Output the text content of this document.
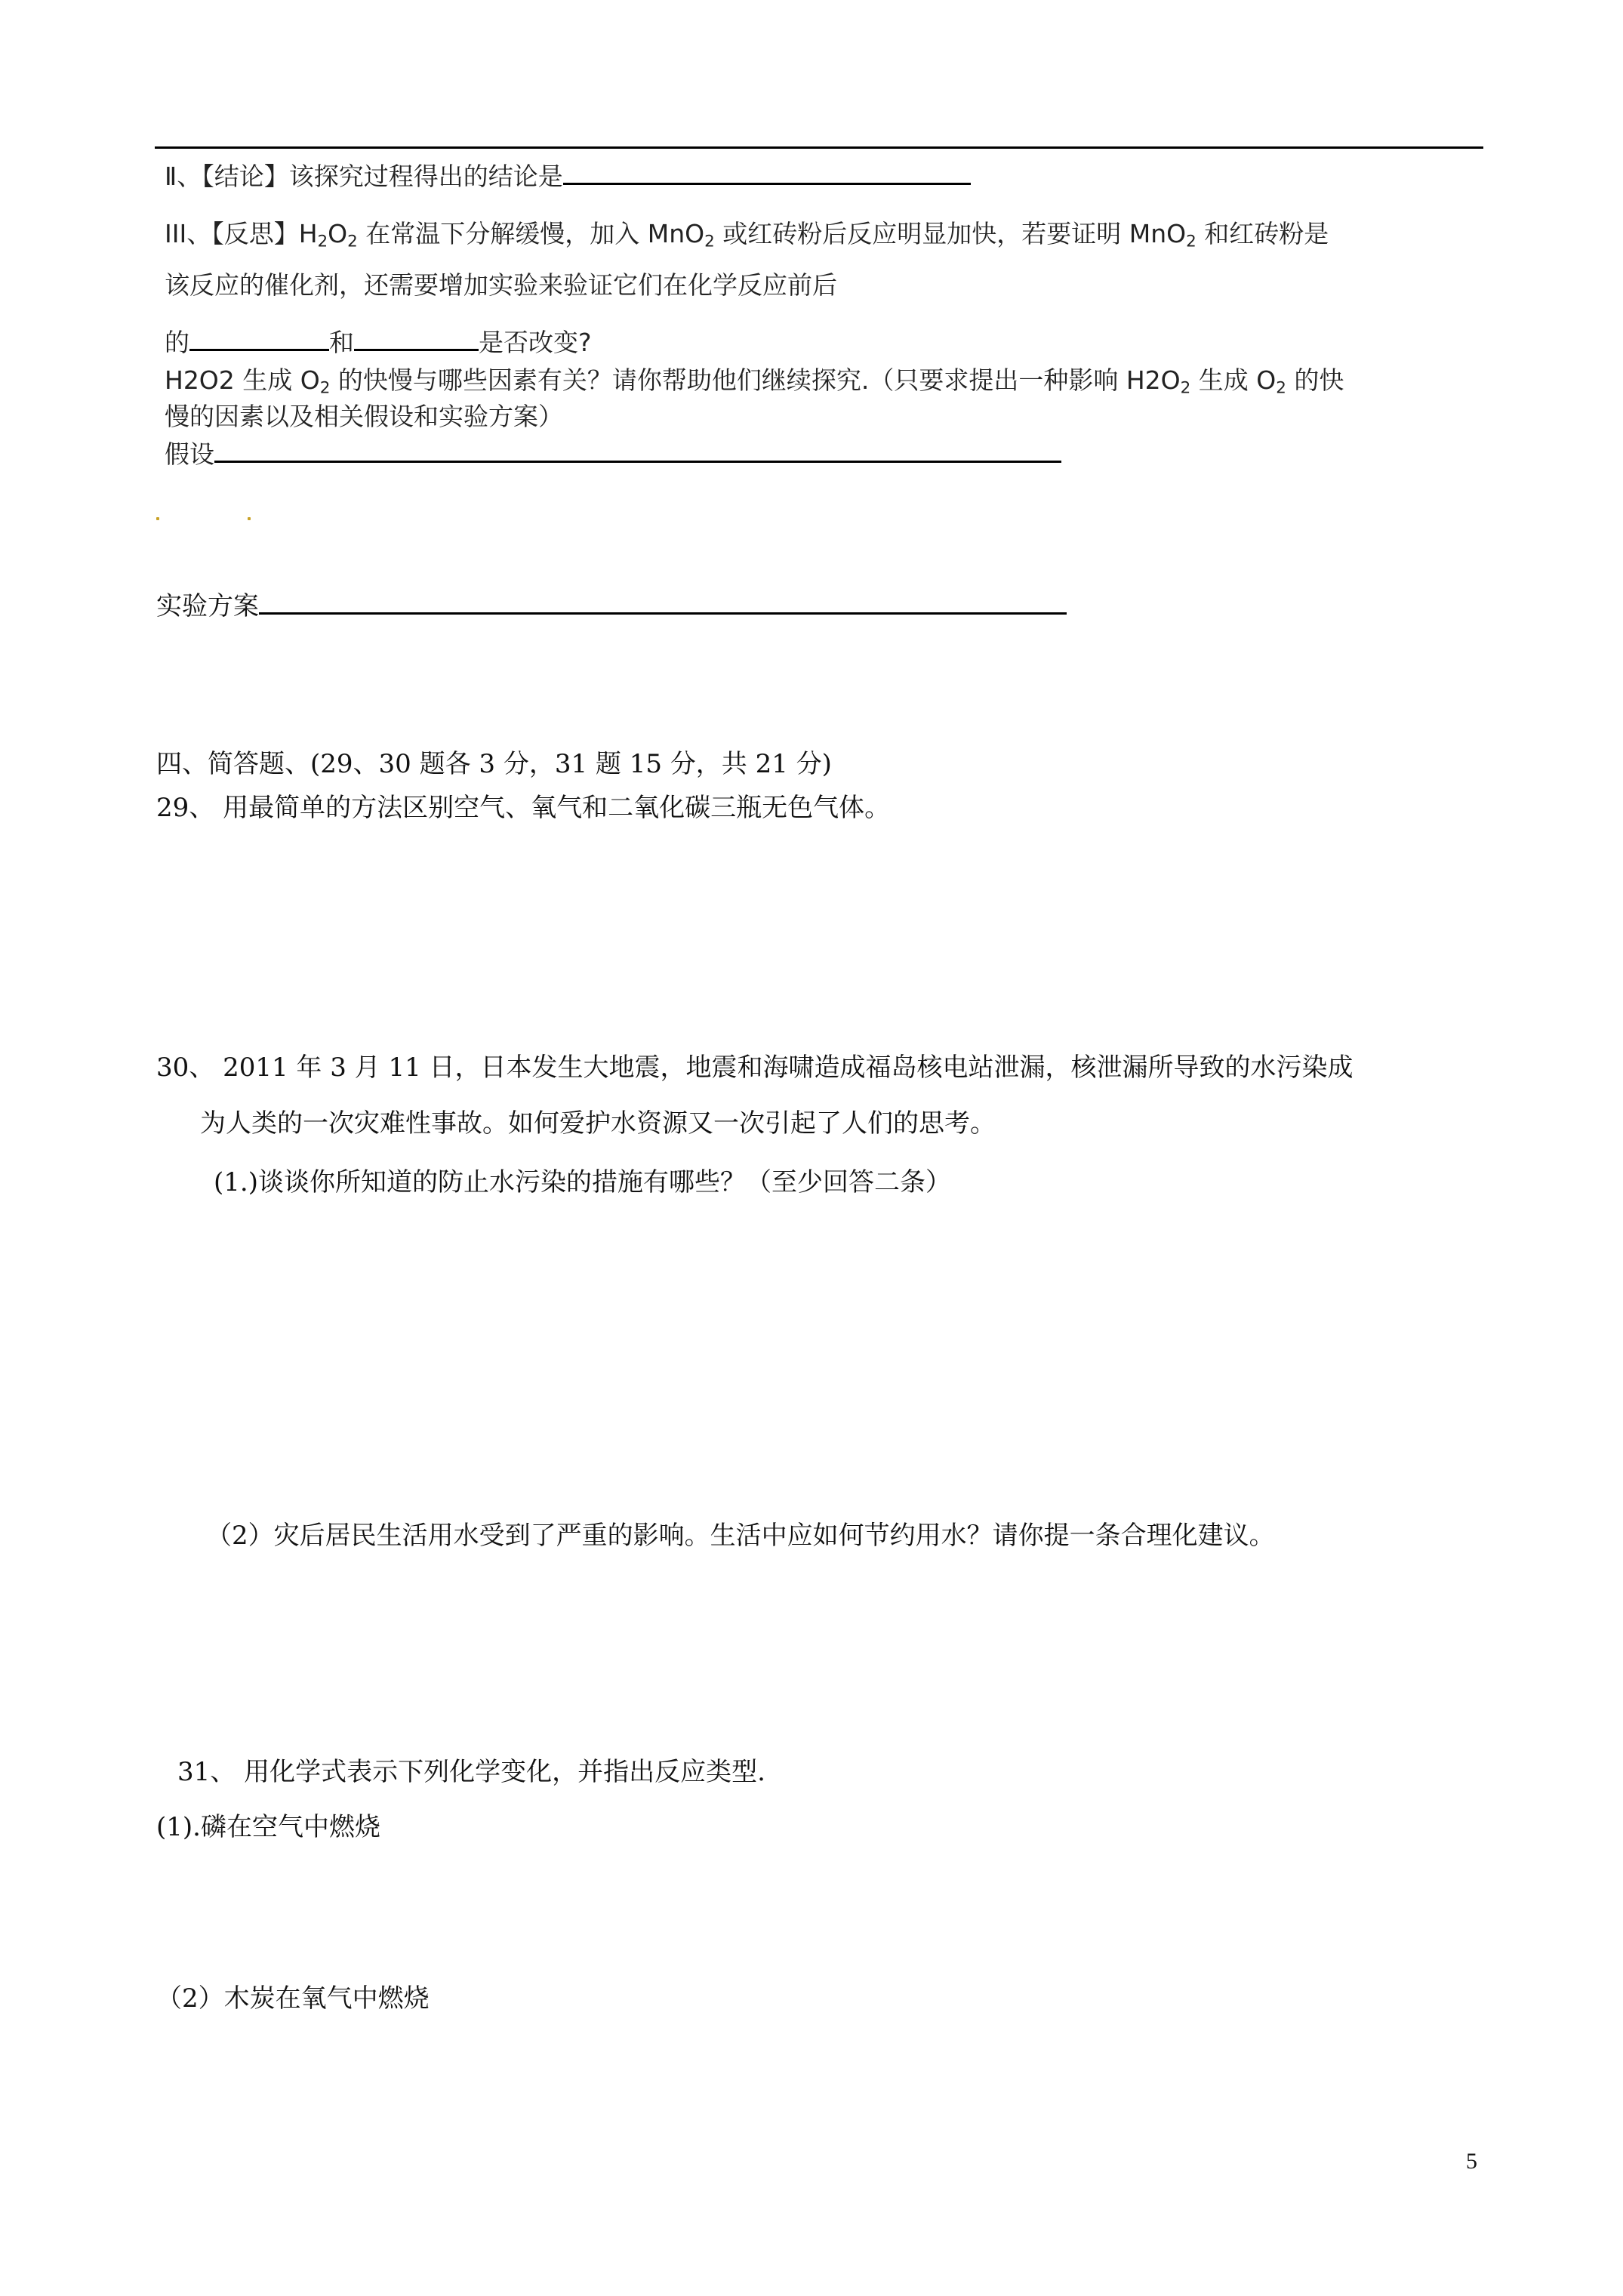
Ⅱ、【结论】该探究过程得出的结论是
III、【反思】$H_2O_2$ 在常温下分解缓慢，加入 MnO$_2$ 或红砖粉后反应明显加快，若要证明 MnO$_2$ 和红砖粉是
该反应的催化剂，还需要增加实验来验证它们在化学反应前后
的	和	是否改变?
H2O2 生成 $O_2$ 的快慢与哪些因素有关？请你帮助他们继续探究.（只要求提出一种影响 $H2O_2$ 生成 $O_2$ 的快
慢的因素以及相关假设和实验方案）
假设
实验方案
四、简答题、(29、30 题各 3 分，31 题 15 分，共 21 分)
29、 用最简单的方法区别空气、氧气和二氧化碳三瓶无色气体。
30、 2011 年 3 月 11 日，日本发生大地震，地震和海啸造成福岛核电站泄漏，核泄漏所导致的水污染成
为人类的一次灾难性事故。如何爱护水资源又一次引起了人们的思考。
(1.)谈谈你所知道的防止水污染的措施有哪些？（至少回答二条）
（2）灾后居民生活用水受到了严重的影响。生活中应如何节约用水？请你提一条合理化建议。
31、 用化学式表示下列化学变化，并指出反应类型.
(1).磷在空气中燃烧
（2）木炭在氧气中燃烧
5
